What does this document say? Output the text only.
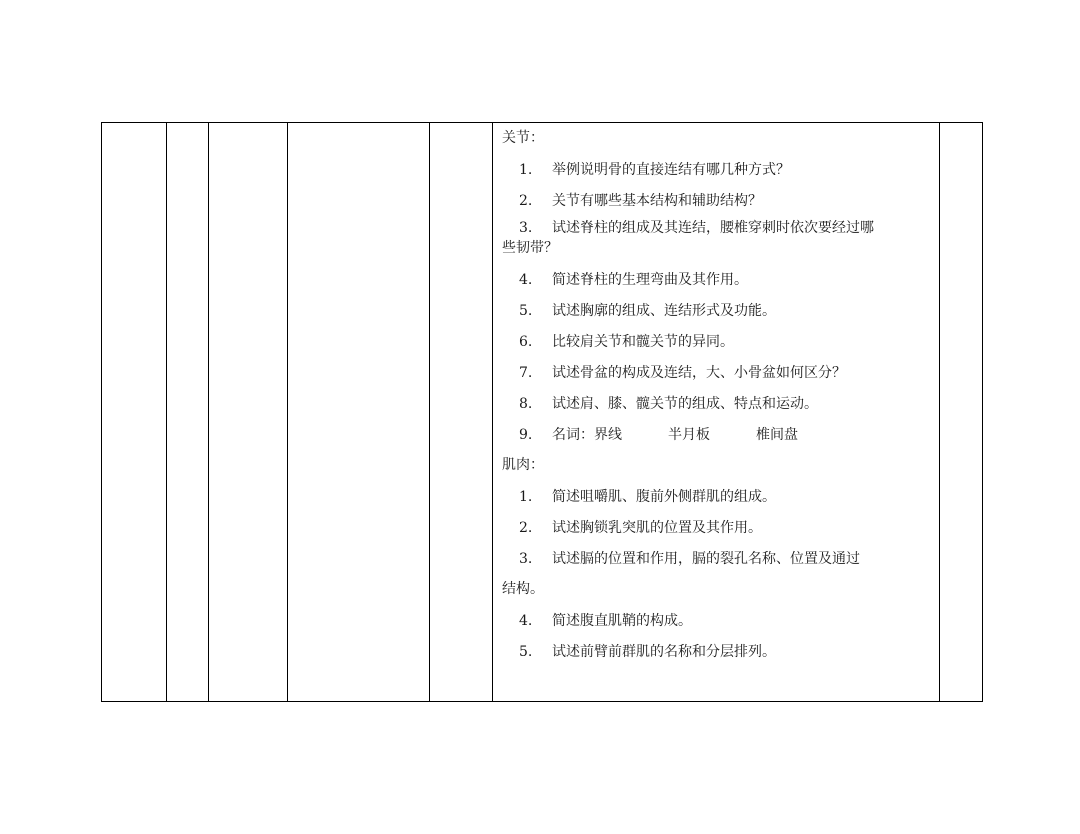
关节：

1.	举例说明骨的直接连结有哪几种方式？

2.	关节有哪些基本结构和辅助结构？

3. 试述脊柱的组成及其连结，腰椎穿刺时依次要经过哪
些韧带？

4.	简述脊柱的生理弯曲及其作用。

5.	试述胸廓的组成、连结形式及功能。

6.	比较肩关节和髋关节的异同。

7.	试述骨盆的构成及连结，大、小骨盆如何区分？

8.	试述肩、膝、髋关节的组成、特点和运动。

9.	名词：界线	半月板	椎间盘

肌肉：

1.	简述咀嚼肌、腹前外侧群肌的组成。

2.	试述胸锁乳突肌的位置及其作用。

3.	试述膈的位置和作用，膈的裂孔名称、位置及通过

结构。

4.	简述腹直肌鞘的构成。

5.	试述前臂前群肌的名称和分层排列。
